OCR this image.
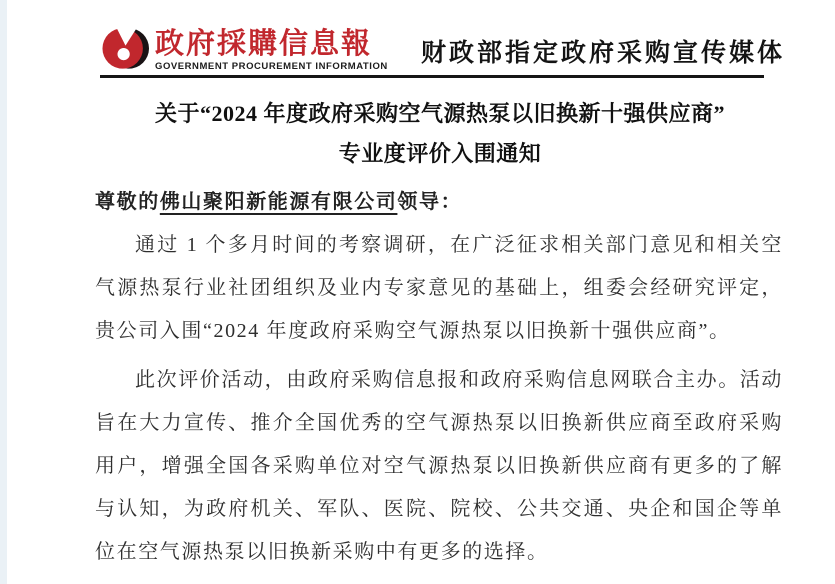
政府採購信息報
GOVERNMENT PROCUREMENT INFORMATION 财政部指定政府采购宣传媒体
关于“2024 年度政府采购空气源热泵以旧换新十强供应商”
专业度评价入围通知
尊敬的佛山聚阳新能源有限公司领导：

通过 1 个多月时间的考察调研，在广泛征求相关部门意见和相关空气源热泵行业社团组织及业内专家意见的基础上，组委会经研究评定，贵公司入围“2024 年度政府采购空气源热泵以旧换新十强供应商”。

此次评价活动，由政府采购信息报和政府采购信息网联合主办。活动旨在大力宣传、推介全国优秀的空气源热泵以旧换新供应商至政府采购用户，增强全国各采购单位对空气源热泵以旧换新供应商有更多的了解与认知，为政府机关、军队、医院、院校、公共交通、央企和国企等单位在空气源热泵以旧换新采购中有更多的选择。
